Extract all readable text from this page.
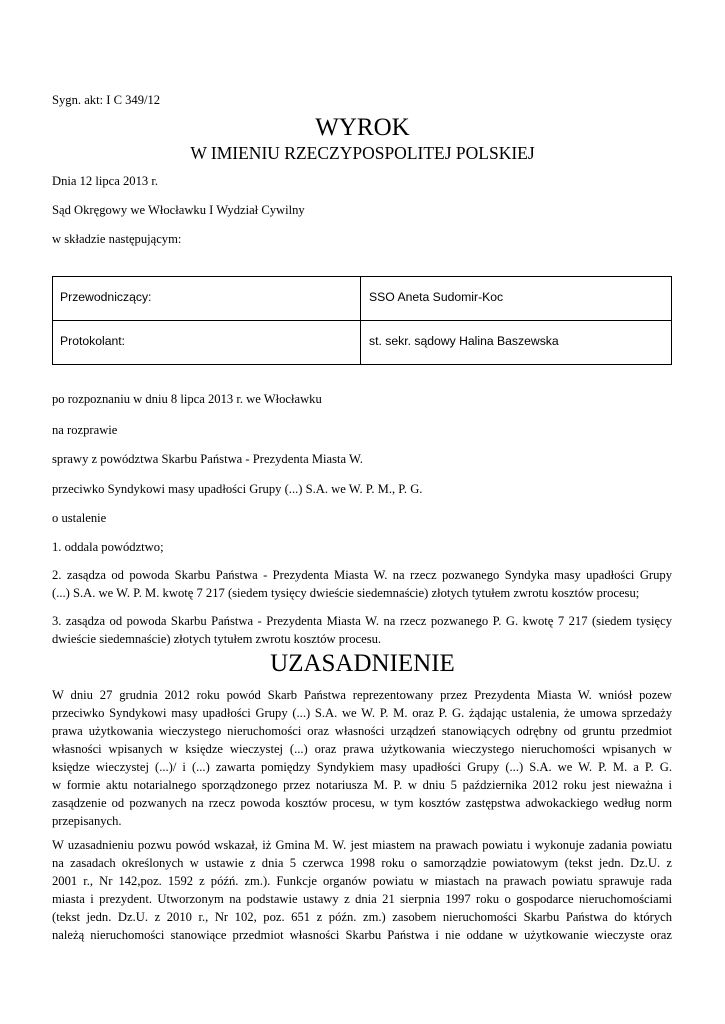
Sygn. akt: I C 349/12
WYROK
W IMIENIU RZECZYPOSPOLITEJ POLSKIEJ
Dnia 12 lipca 2013 r.
Sąd Okręgowy we Włocławku I Wydział Cywilny
w składzie następującym:
Przewodniczący:	SSO Aneta Sudomir-Koc
Protokolant:	st. sekr. sądowy Halina Baszewska
po rozpoznaniu w dniu 8 lipca 2013 r. we Włocławku
na rozprawie
sprawy z powództwa Skarbu Państwa - Prezydenta Miasta W.
przeciwko Syndykowi masy upadłości Grupy (...) S.A. we W. P. M., P. G.
o ustalenie
1. oddala powództwo;
2. zasądza od powoda Skarbu Państwa - Prezydenta Miasta W. na rzecz pozwanego Syndyka masy upadłości Grupy
(...) S.A. we W. P. M. kwotę 7 217 (siedem tysięcy dwieście siedemnaście) złotych tytułem zwrotu kosztów procesu;
3. zasądza od powoda Skarbu Państwa - Prezydenta Miasta W. na rzecz pozwanego P. G. kwotę 7 217 (siedem tysięcy
dwieście siedemnaście) złotych tytułem zwrotu kosztów procesu.
UZASADNIENIE
W dniu 27 grudnia 2012 roku powód Skarb Państwa reprezentowany przez Prezydenta Miasta W. wniósł pozew
przeciwko Syndykowi masy upadłości Grupy (...) S.A. we W. P. M. oraz P. G. żądając ustalenia, że umowa sprzedaży
prawa użytkowania wieczystego nieruchomości oraz własności urządzeń stanowiących odrębny od gruntu przedmiot
własności wpisanych w księdze wieczystej (...) oraz prawa użytkowania wieczystego nieruchomości wpisanych w
księdze wieczystej (...)/ i (...) zawarta pomiędzy Syndykiem masy upadłości Grupy (...) S.A. we W. P. M. a P. G.
w formie aktu notarialnego sporządzonego przez notariusza M. P. w dniu 5 października 2012 roku jest nieważna i
zasądzenie od pozwanych na rzecz powoda kosztów procesu, w tym kosztów zastępstwa adwokackiego według norm
przepisanych.
W uzasadnieniu pozwu powód wskazał, iż Gmina M. W. jest miastem na prawach powiatu i wykonuje zadania powiatu
na zasadach określonych w ustawie z dnia 5 czerwca 1998 roku o samorządzie powiatowym (tekst jedn. Dz.U. z
2001 r., Nr 142,poz. 1592 z późń. zm.). Funkcje organów powiatu w miastach na prawach powiatu sprawuje rada
miasta i prezydent. Utworzonym na podstawie ustawy z dnia 21 sierpnia 1997 roku o gospodarce nieruchomościami
(tekst jedn. Dz.U. z 2010 r., Nr 102, poz. 651 z późn. zm.) zasobem nieruchomości Skarbu Państwa do których
należą nieruchomości stanowiące przedmiot własności Skarbu Państwa i nie oddane w użytkowanie wieczyste oraz
